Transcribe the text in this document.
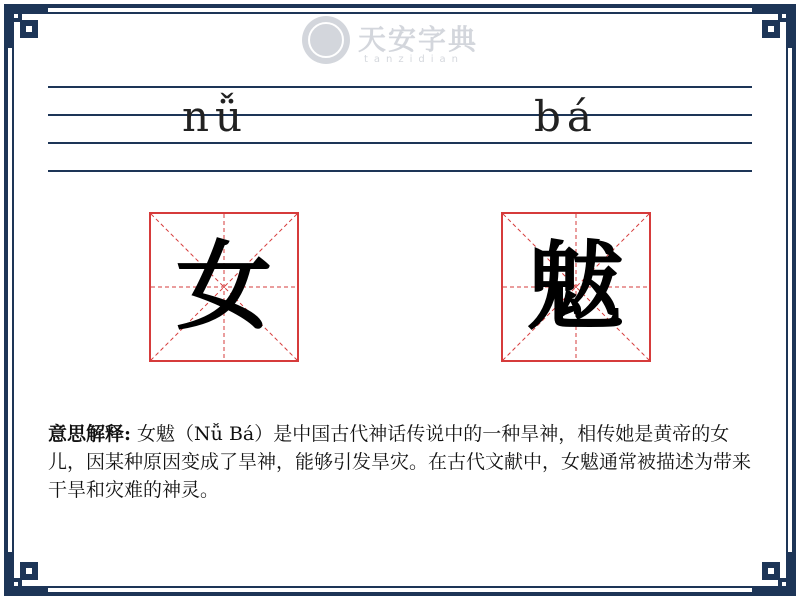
天安字典
tanzidian
nǚ	bá
女	魃
意思解释: 女魃（Nǚ Bá）是中国古代神话传说中的一种旱神，相传她是黄帝的女儿，因某种原因变成了旱神，能够引发旱灾。在古代文献中，女魃通常被描述为带来干旱和灾难的神灵。
